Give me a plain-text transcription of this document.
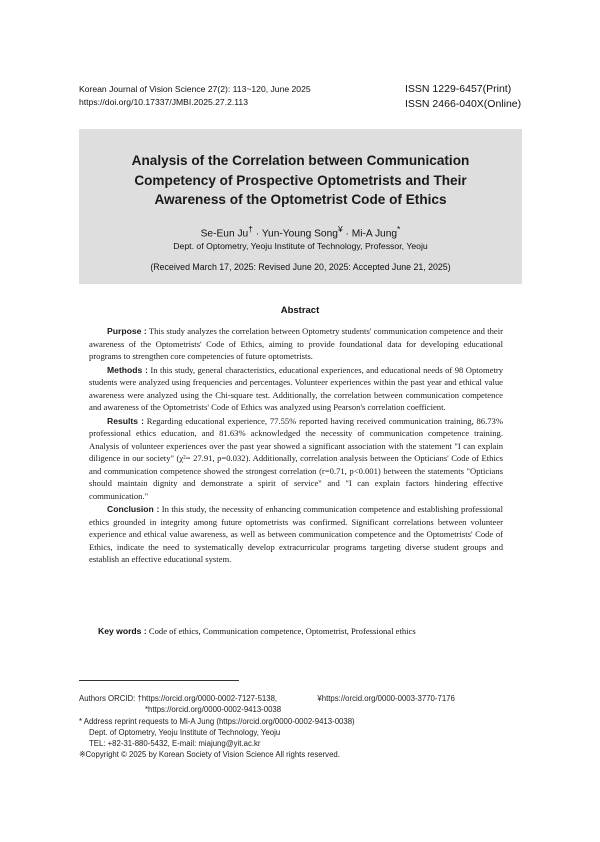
Korean Journal of Vision Science 27(2): 113~120, June 2025
https://doi.org/10.17337/JMBI.2025.27.2.113
ISSN 1229-6457(Print)
ISSN 2466-040X(Online)
Analysis of the Correlation between Communication
Competency of Prospective Optometrists and Their
Awareness of the Optometrist Code of Ethics
Se-Eun Ju† · Yun-Young Song¥ · Mi-A Jung*
Dept. of Optometry, Yeoju Institute of Technology, Professor, Yeoju
(Received March 17, 2025: Revised June 20, 2025: Accepted June 21, 2025)
Abstract

Purpose : This study analyzes the correlation between Optometry students' communication competence and their awareness of the Optometrists' Code of Ethics, aiming to provide foundational data for developing educational programs to strengthen core competencies of future optometrists.

Methods : In this study, general characteristics, educational experiences, and educational needs of 98 Optometry students were analyzed using frequencies and percentages. Volunteer experiences within the past year and ethical value awareness were analyzed using the Chi-square test. Additionally, the correlation between communication competence and awareness of the Optometrists' Code of Ethics was analyzed using Pearson's correlation coefficient.

Results : Regarding educational experience, 77.55% reported having received communication training, 86.73% professional ethics education, and 81.63% acknowledged the necessity of communication competence training. Analysis of volunteer experiences over the past year showed a significant association with the statement "I can explain diligence in our society" (χ²= 27.91, p=0.032). Additionally, correlation analysis between the Opticians' Code of Ethics and communication competence showed the strongest correlation (r=0.71, p<0.001) between the statements "Opticians should maintain dignity and demonstrate a spirit of service" and "I can explain factors hindering effective communication."

Conclusion : In this study, the necessity of enhancing communication competence and establishing professional ethics grounded in integrity among future optometrists was confirmed. Significant correlations between volunteer experience and ethical value awareness, as well as between communication competence and the Optometrists' Code of Ethics, indicate the need to systematically develop extracurricular programs targeting diverse student groups and establish an effective educational system.

Key words : Code of ethics, Communication competence, Optometrist, Professional ethics
Authors ORCID: †https://orcid.org/0000-0002-7127-5138,	¥https://orcid.org/0000-0003-3770-7176
*https://orcid.org/0000-0002-9413-0038
* Address reprint requests to Mi-A Jung (https://orcid.org/0000-0002-9413-0038)
Dept. of Optometry, Yeoju Institute of Technology, Yeoju
TEL: +82-31-880-5432, E-mail: miajung@yit.ac.kr
※Copyright © 2025 by Korean Society of Vision Science All rights reserved.
